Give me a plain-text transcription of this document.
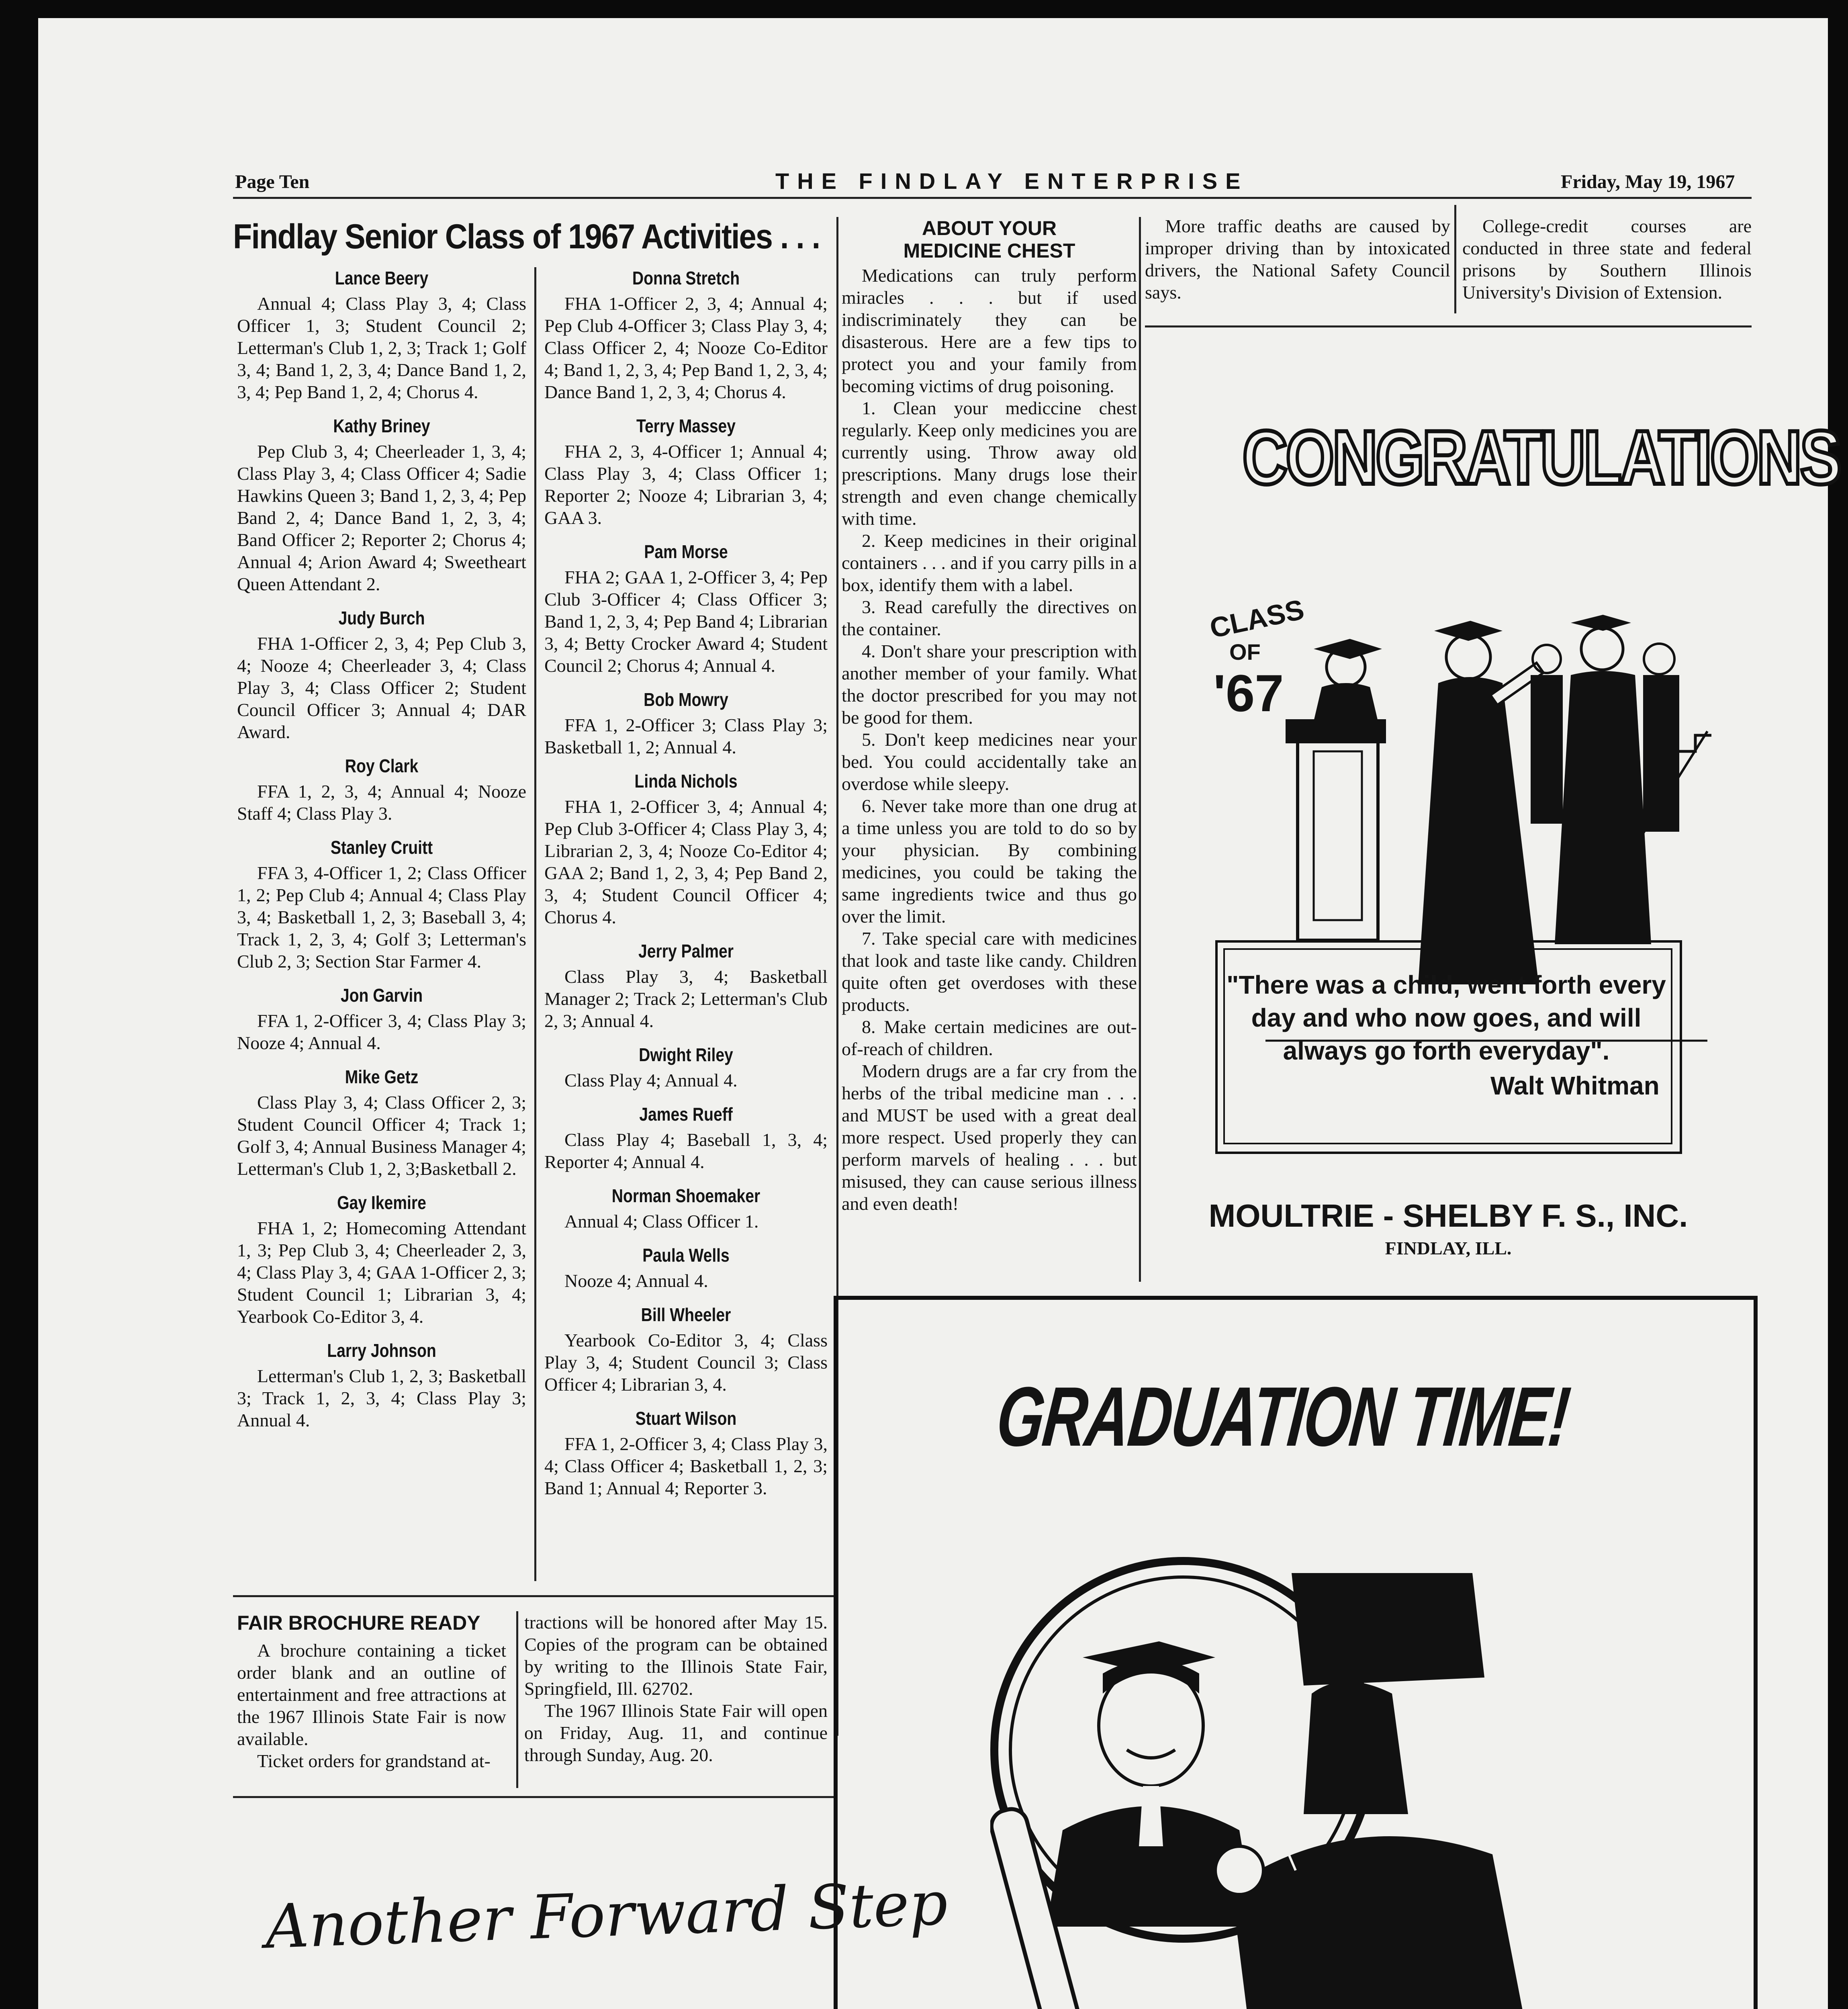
Page Ten	THE FINDLAY ENTERPRISE	Friday, May 19, 1967
Findlay Senior Class of 1967 Activities . . .
Lance Beery
Annual 4; Class Play 3, 4; Class Officer 1, 3; Student Council 2; Letterman's Club 1, 2, 3; Track 1; Golf 3, 4; Band 1, 2, 3, 4; Dance Band 1, 2, 3, 4; Pep Band 1, 2, 4; Chorus 4.
Kathy Briney
Pep Club 3, 4; Cheerleader 1, 3, 4; Class Play 3, 4; Class Officer 4; Sadie Hawkins Queen 3; Band 1, 2, 3, 4; Pep Band 2, 4; Dance Band 1, 2, 3, 4; Band Officer 2; Reporter 2; Chorus 4; Annual 4; Arion Award 4; Sweetheart Queen Attendant 2.
Judy Burch
FHA 1-Officer 2, 3, 4; Pep Club 3, 4; Nooze 4; Cheerleader 3, 4; Class Play 3, 4; Class Officer 2; Student Council Officer 3; Annual 4; DAR Award.
Roy Clark
FFA 1, 2, 3, 4; Annual 4; Nooze Staff 4; Class Play 3.
Stanley Cruitt
FFA 3, 4-Officer 1, 2; Class Officer 1, 2; Pep Club 4; Annual 4; Class Play 3, 4; Basketball 1, 2, 3; Baseball 3, 4; Track 1, 2, 3, 4; Golf 3; Letterman's Club 2, 3; Section Star Farmer 4.
Jon Garvin
FFA 1, 2-Officer 3, 4; Class Play 3; Nooze 4; Annual 4.
Mike Getz
Class Play 3, 4; Class Officer 2, 3; Student Council Officer 4; Track 1; Golf 3, 4; Annual Business Manager 4; Letterman's Club 1, 2, 3;Basketball 2.
Gay Ikemire
FHA 1, 2; Homecoming Attendant 1, 3; Pep Club 3, 4; Cheerleader 2, 3, 4; Class Play 3, 4; GAA 1-Officer 2, 3; Student Council 1; Librarian 3, 4; Yearbook Co-Editor 3, 4.
Larry Johnson
Letterman's Club 1, 2, 3; Basketball 3; Track 1, 2, 3, 4; Class Play 3; Annual 4.
Donna Stretch
FHA 1-Officer 2, 3, 4; Annual 4; Pep Club 4-Officer 3; Class Play 3, 4; Class Officer 2, 4; Nooze Co-Editor 4; Band 1, 2, 3, 4; Pep Band 1, 2, 3, 4; Dance Band 1, 2, 3, 4; Chorus 4.
Terry Massey
FHA 2, 3, 4-Officer 1; Annual 4; Class Play 3, 4; Class Officer 1; Reporter 2; Nooze 4; Librarian 3, 4; GAA 3.
Pam Morse
FHA 2; GAA 1, 2-Officer 3, 4; Pep Club 3-Officer 4; Class Officer 3; Band 1, 2, 3, 4; Pep Band 4; Librarian 3, 4; Betty Crocker Award 4; Student Council 2; Chorus 4; Annual 4.
Bob Mowry
FFA 1, 2-Officer 3; Class Play 3; Basketball 1, 2; Annual 4.
Linda Nichols
FHA 1, 2-Officer 3, 4; Annual 4; Pep Club 3-Officer 4; Class Play 3, 4; Librarian 2, 3, 4; Nooze Co-Editor 4; GAA 2; Band 1, 2, 3, 4; Pep Band 2, 3, 4; Student Council Officer 4; Chorus 4.
Jerry Palmer
Class Play 3, 4; Basketball Manager 2; Track 2; Letterman's Club 2, 3; Annual 4.
Dwight Riley
Class Play 4; Annual 4.
James Rueff
Class Play 4; Baseball 1, 3, 4; Reporter 4; Annual 4.
Norman Shoemaker
Annual 4; Class Officer 1.
Paula Wells
Nooze 4; Annual 4.
Bill Wheeler
Yearbook Co-Editor 3, 4; Class Play 3, 4; Student Council 3; Class Officer 4; Librarian 3, 4.
Stuart Wilson
FFA 1, 2-Officer 3, 4; Class Play 3, 4; Class Officer 4; Basketball 1, 2, 3; Band 1; Annual 4; Reporter 3.
ABOUT YOUR
MEDICINE CHEST

Medications can truly perform miracles . . . but if used indiscriminately they can be disasterous. Here are a few tips to protect you and your family from becoming victims of drug poisoning.

1. Clean your mediccine chest regularly. Keep only medicines you are currently using. Throw away old prescriptions. Many drugs lose their strength and even change chemically with time.

2. Keep medicines in their original containers . . . and if you carry pills in a box, identify them with a label.

3. Read carefully the directives on the container.

4. Don't share your prescription with another member of your family. What the doctor prescribed for you may not be good for them.

5. Don't keep medicines near your bed. You could accidentally take an overdose while sleepy.

6. Never take more than one drug at a time unless you are told to do so by your physician. By combining medicines, you could be taking the same ingredients twice and thus go over the limit.

7. Take special care with medicines that look and taste like candy. Children quite often get overdoses with these products.

8. Make certain medicines are out-of-reach of children.

Modern drugs are a far cry from the herbs of the tribal medicine man . . . and MUST be used with a great deal more respect. Used properly they can perform marvels of healing . . . but misused, they can cause serious illness and even death!

More traffic deaths are caused by improper driving than by intoxicated drivers, the National Safety Council says.

College-credit courses are conducted in three state and federal prisons by Southern Illinois University's Division of Extension.

FAIR BROCHURE READY

A brochure containing a ticket order blank and an outline of entertainment and free attractions at the 1967 Illinois State Fair is now available.

Ticket orders for grandstand at-

tractions will be honored after May 15. Copies of the program can be obtained by writing to the Illinois State Fair, Springfield, Ill. 62702.

The 1967 Illinois State Fair will open on Friday, Aug. 11, and continue through Sunday, Aug. 20.

CONGRATULATIONS
CLASS
OF
'67
"There was a child, went forth every
day and who now goes, and will
always go forth everyday".
Walt Whitman
MOULTRIE - SHELBY F. S., INC.
FINDLAY, ILL.
GRADUATION TIME!
Another Forward Step
